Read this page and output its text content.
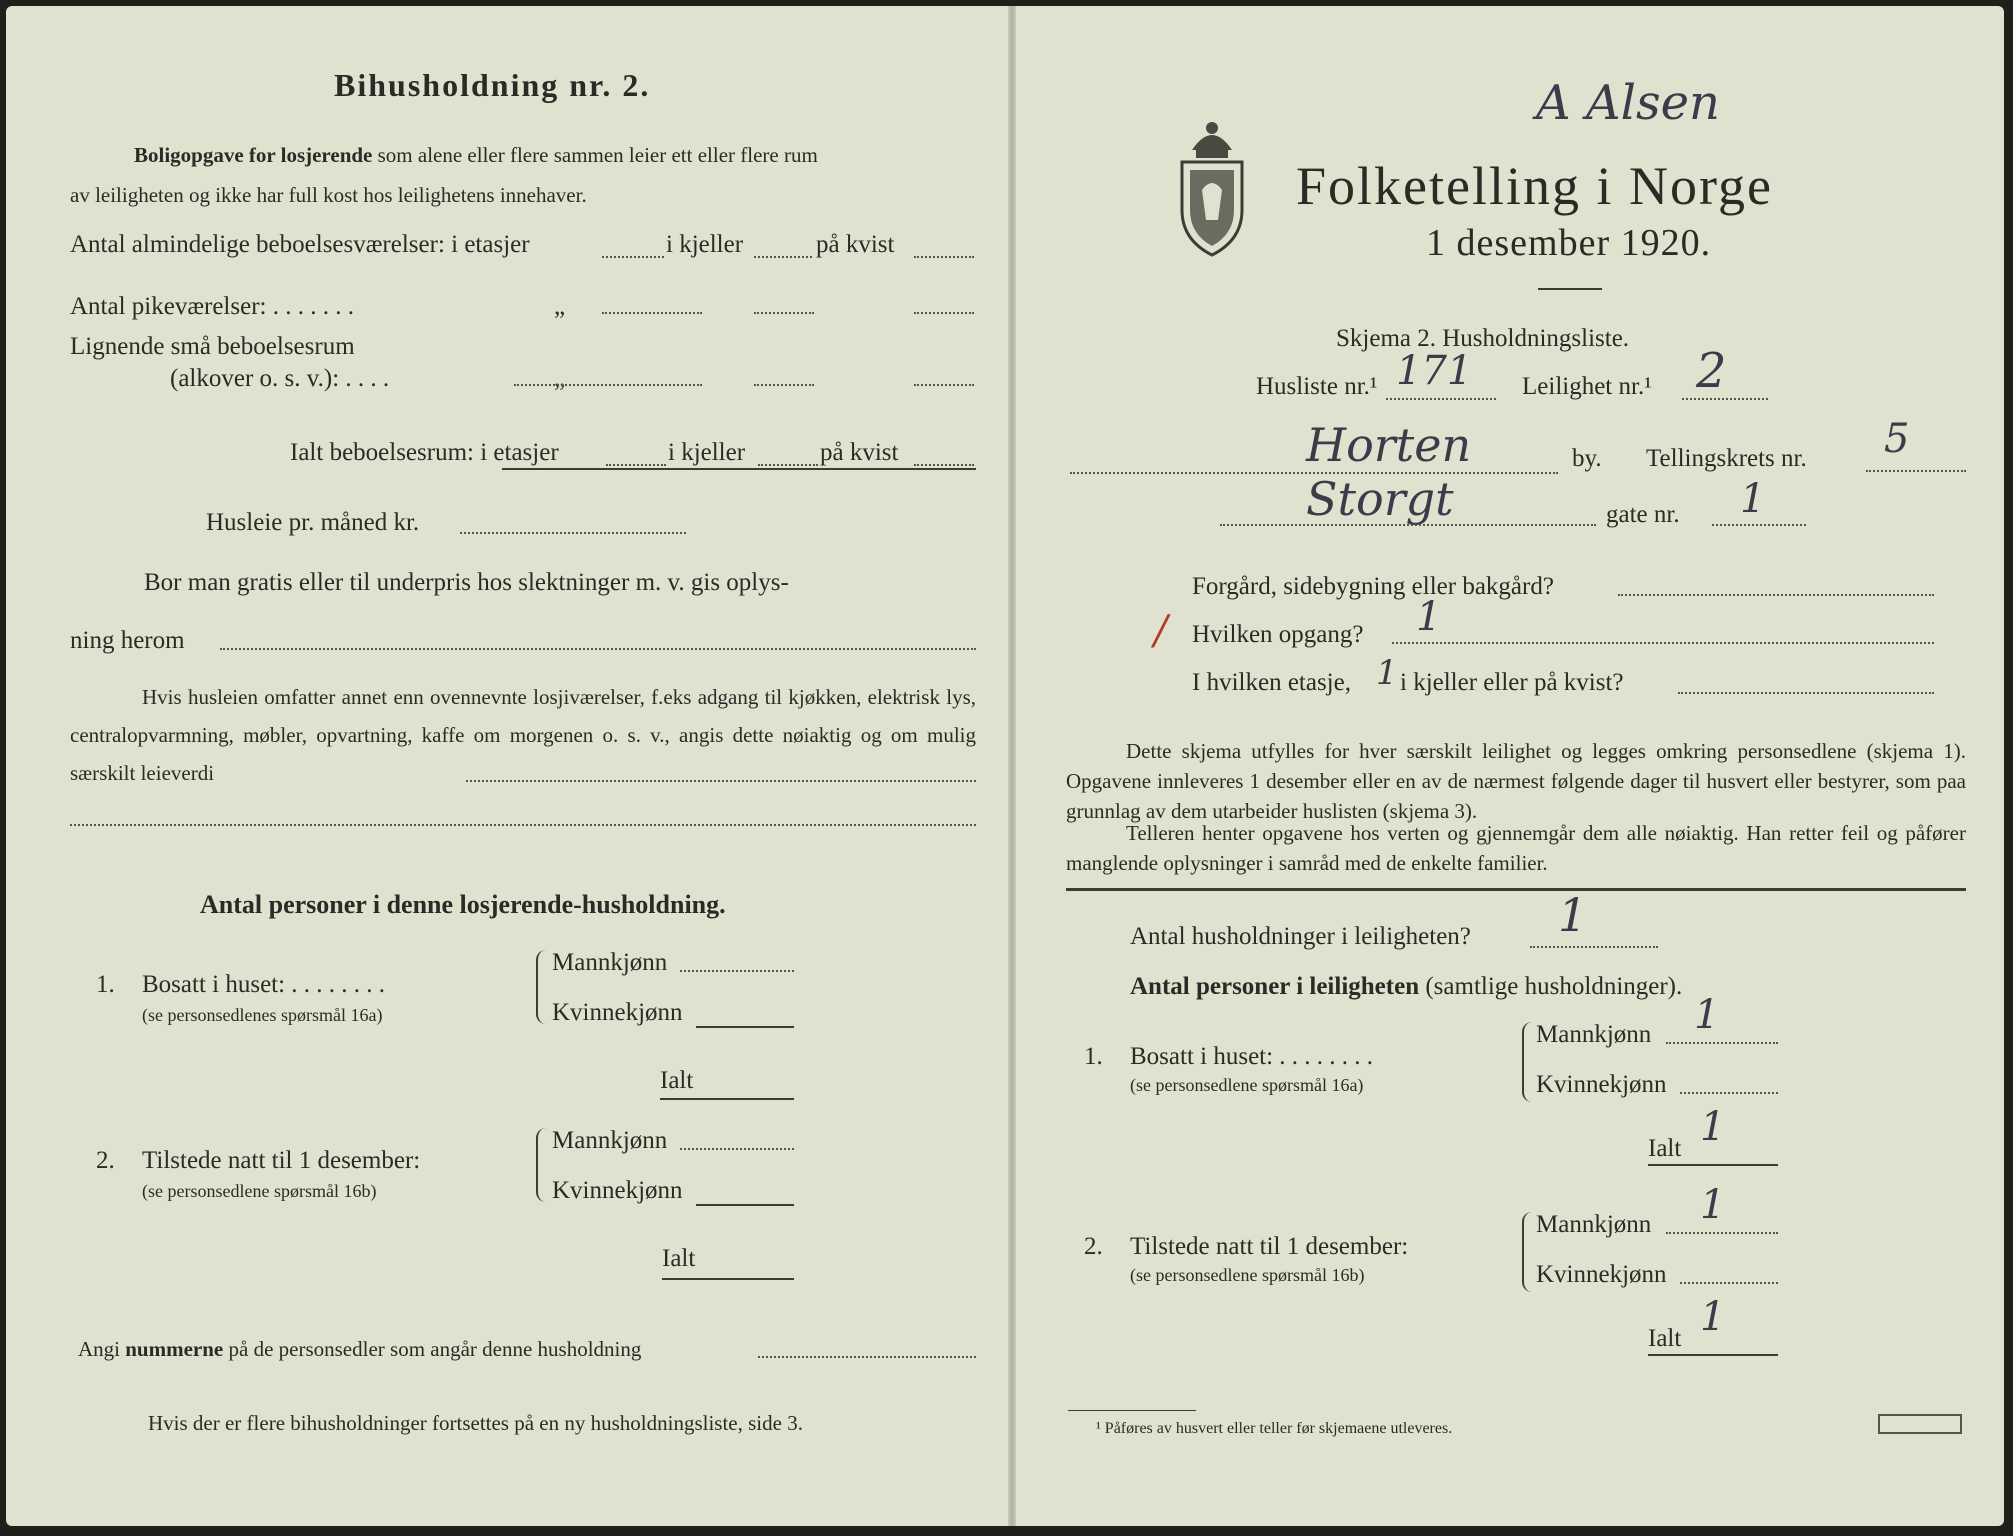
Bihusholdning nr. 2.
Boligopgave for losjerende som alene eller flere sammen leier ett eller flere rum
av leiligheten og ikke har full kost hos leilighetens innehaver.
Antal almindelige beboelsesværelser: i etasjer	i kjeller	på kvist
Antal pikeværelser: . . . . . . .	„
Lignende små beboelsesrum
(alkover o. s. v.): . . . .	„
Ialt beboelsesrum: i etasjer	i kjeller	på kvist
Husleie pr. måned kr.
Bor man gratis eller til underpris hos slektninger m. v. gis oplys-
ning herom
Hvis husleien omfatter annet enn ovennevnte losjiværelser, f.eks adgang til kjøkken, elektrisk lys, centralopvarmning, møbler, opvartning, kaffe om morgenen o. s. v., angis dette nøiaktig og om mulig særskilt leieverdi
Antal personer i denne losjerende-husholdning.
1. Bosatt i huset: . . . . . . . .
(se personsedlenes spørsmål 16a)
Mannkjønn
Kvinnekjønn
Ialt
2. Tilstede natt til 1 desember:
(se personsedlene spørsmål 16b)
Mannkjønn
Kvinnekjønn
Ialt
Angi nummerne på de personsedler som angår denne husholdning
Hvis der er flere bihusholdninger fortsettes på en ny husholdningsliste, side 3.
Folketelling i Norge
1 desember 1920.
A Alsen
Skjema 2. Husholdningsliste.
Husliste nr.¹ 171 Leilighet nr.¹ 2
Horten	by. Tellingskrets nr. 5
Storgt	gate nr. 1
Forgård, sidebygning eller bakgård?
/ Hvilken opgang? 1
I hvilken etasje, 1 i kjeller eller på kvist?
Dette skjema utfylles for hver særskilt leilighet og legges omkring personsedlene (skjema 1). Opgavene innleveres 1 desember eller en av de nærmest følgende dager til husvert eller bestyrer, som paa grunnlag av dem utarbeider huslisten (skjema 3).
Telleren henter opgavene hos verten og gjennemgår dem alle nøiaktig. Han retter feil og påfører manglende oplysninger i samråd med de enkelte familier.
Antal husholdninger i leiligheten? 1
Antal personer i leiligheten (samtlige husholdninger).
1. Bosatt i huset: . . . . . . . .
(se personsedlene spørsmål 16a)
Mannkjønn 1
Kvinnekjønn
Ialt 1
2. Tilstede natt til 1 desember:
(se personsedlene spørsmål 16b)
Mannkjønn 1
Kvinnekjønn
Ialt 1
¹ Påføres av husvert eller teller før skjemaene utleveres.
